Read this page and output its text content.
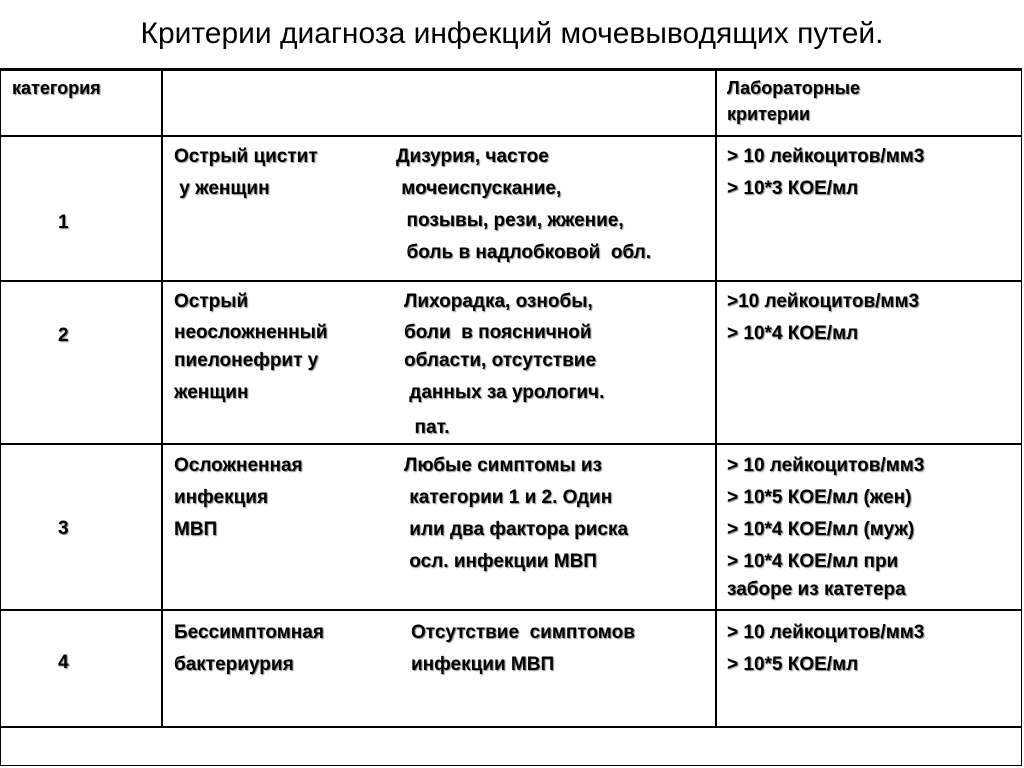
Критерии диагноза инфекций мочевыводящих путей.
категория	Лабораторные
критерии
1
Острый цистит
у женщин
Дизурия, частое
мочеиспускание,
позывы, рези, жжение,
боль в надлобковой  обл.
> 10 лейкоцитов/мм3
> 10*3 КОЕ/мл
2
Острый
неосложненный
пиелонефрит у
женщин
Лихорадка, ознобы,
боли  в поясничной
области, отсутствие
данных за урологич.
пат.
>10 лейкоцитов/мм3
> 10*4 КОЕ/мл
3
Осложненная
инфекция
МВП
Любые симптомы из
категории 1 и 2. Один
или два фактора риска
осл. инфекции МВП
> 10 лейкоцитов/мм3
> 10*5 КОЕ/мл (жен)
> 10*4 КОЕ/мл (муж)
> 10*4 КОЕ/мл при
заборе из катетера
4
Бессимптомная
бактериурия
Отсутствие  симптомов
инфекции МВП
> 10 лейкоцитов/мм3
> 10*5 КОЕ/мл
